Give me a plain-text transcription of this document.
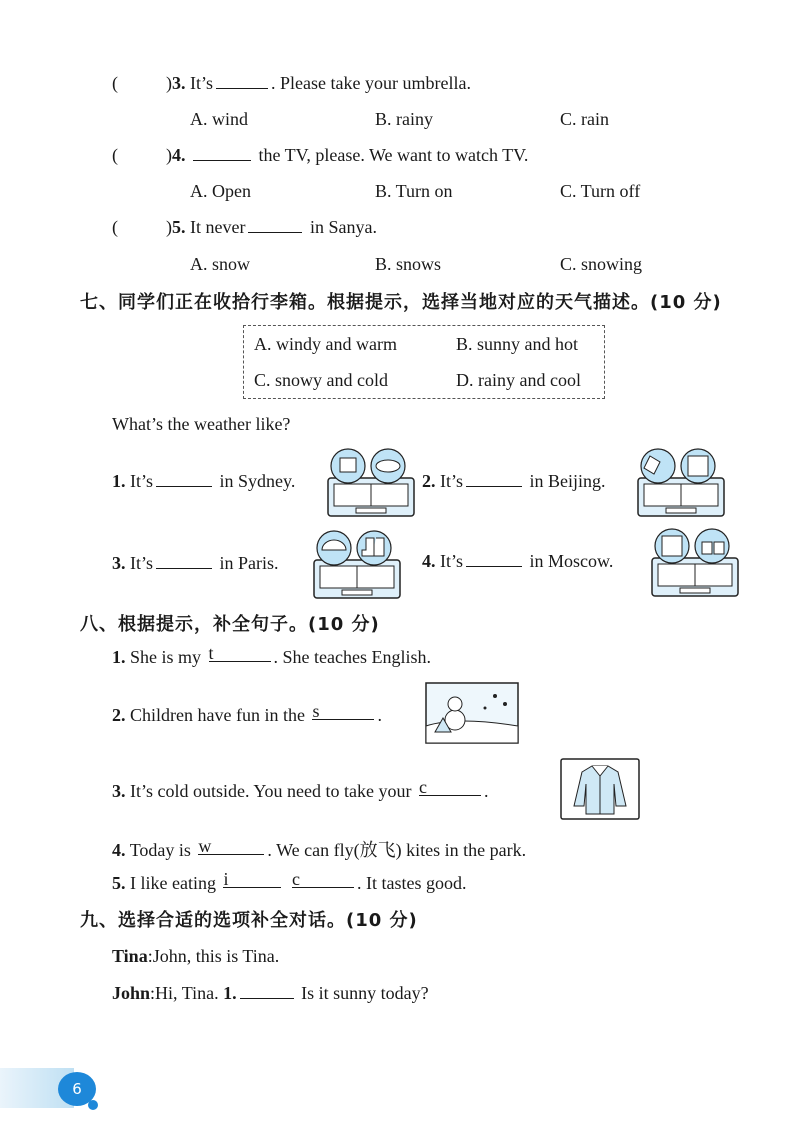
(	)3. It’s	. Please take your umbrella.
A. wind	B. rainy	C. rain
(	)4.	the TV, please. We want to watch TV.
A. Open	B. Turn on	C. Turn off
(	)5. It never	in Sanya.
A. snow	B. snows	C. snowing
七、同学们正在收拾行李箱。根据提示，选择当地对应的天气描述。(10 分)
A. windy and warm	B. sunny and hot
C. snowy and cold	D. rainy and cool
What’s the weather like?
1. It’s	in Sydney.	2. It’s	in Beijing.
3. It’s	in Paris.	4. It’s	in Moscow.
八、根据提示，补全句子。(10 分)
1. She is my t	. She teaches English.
2. Children have fun in the s	.
3. It’s cold outside. You need to take your c	.
4. Today is w	. We can fly(放飞) kites in the park.
5. I like eating i	c	. It tastes good.
九、选择合适的选项补全对话。(10 分)
Tina:John, this is Tina.
John:Hi, Tina. 1.	Is it sunny today?
6
